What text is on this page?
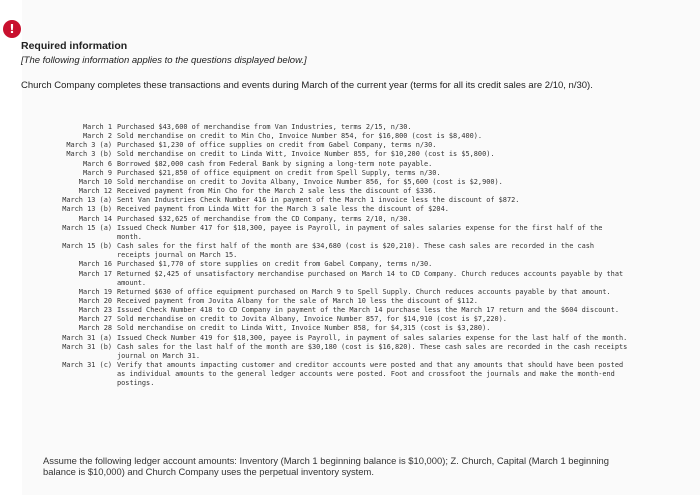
!
Required information
[The following information applies to the questions displayed below.]
Church Company completes these transactions and events during March of the current year (terms for all its credit sales are 2/10, n/30).
March 1 Purchased $43,600 of merchandise from Van Industries, terms 2/15, n/30.
March 2 Sold merchandise on credit to Min Cho, Invoice Number 854, for $16,800 (cost is $8,400).
March 3 (a) Purchased $1,230 of office supplies on credit from Gabel Company, terms n/30.
March 3 (b) Sold merchandise on credit to Linda Witt, Invoice Number 855, for $10,200 (cost is $5,800).
March 6 Borrowed $82,000 cash from Federal Bank by signing a long-term note payable.
March 9 Purchased $21,850 of office equipment on credit from Spell Supply, terms n/30.
March 10 Sold merchandise on credit to Jovita Albany, Invoice Number 856, for $5,600 (cost is $2,900).
March 12 Received payment from Min Cho for the March 2 sale less the discount of $336.
March 13 (a) Sent Van Industries Check Number 416 in payment of the March 1 invoice less the discount of $872.
March 13 (b) Received payment from Linda Witt for the March 3 sale less the discount of $204.
March 14 Purchased $32,625 of merchandise from the CD Company, terms 2/10, n/30.
March 15 (a) Issued Check Number 417 for $18,300, payee is Payroll, in payment of sales salaries expense for the first half of the month.
March 15 (b) Cash sales for the first half of the month are $34,680 (cost is $20,210). These cash sales are recorded in the cash receipts journal on March 15.
March 16 Purchased $1,770 of store supplies on credit from Gabel Company, terms n/30.
March 17 Returned $2,425 of unsatisfactory merchandise purchased on March 14 to CD Company. Church reduces accounts payable by that amount.
March 19 Returned $630 of office equipment purchased on March 9 to Spell Supply. Church reduces accounts payable by that amount.
March 20 Received payment from Jovita Albany for the sale of March 10 less the discount of $112.
March 23 Issued Check Number 418 to CD Company in payment of the March 14 purchase less the March 17 return and the $604 discount.
March 27 Sold merchandise on credit to Jovita Albany, Invoice Number 857, for $14,910 (cost is $7,220).
March 28 Sold merchandise on credit to Linda Witt, Invoice Number 858, for $4,315 (cost is $3,280).
March 31 (a) Issued Check Number 419 for $18,300, payee is Payroll, in payment of sales salaries expense for the last half of the month.
March 31 (b) Cash sales for the last half of the month are $30,180 (cost is $16,820). These cash sales are recorded in the cash receipts journal on March 31.
March 31 (c) Verify that amounts impacting customer and creditor accounts were posted and that any amounts that should have been posted as individual amounts to the general ledger accounts were posted. Foot and crossfoot the journals and make the month-end postings.
Assume the following ledger account amounts: Inventory (March 1 beginning balance is $10,000); Z. Church, Capital (March 1 beginning balance is $10,000) and Church Company uses the perpetual inventory system.
